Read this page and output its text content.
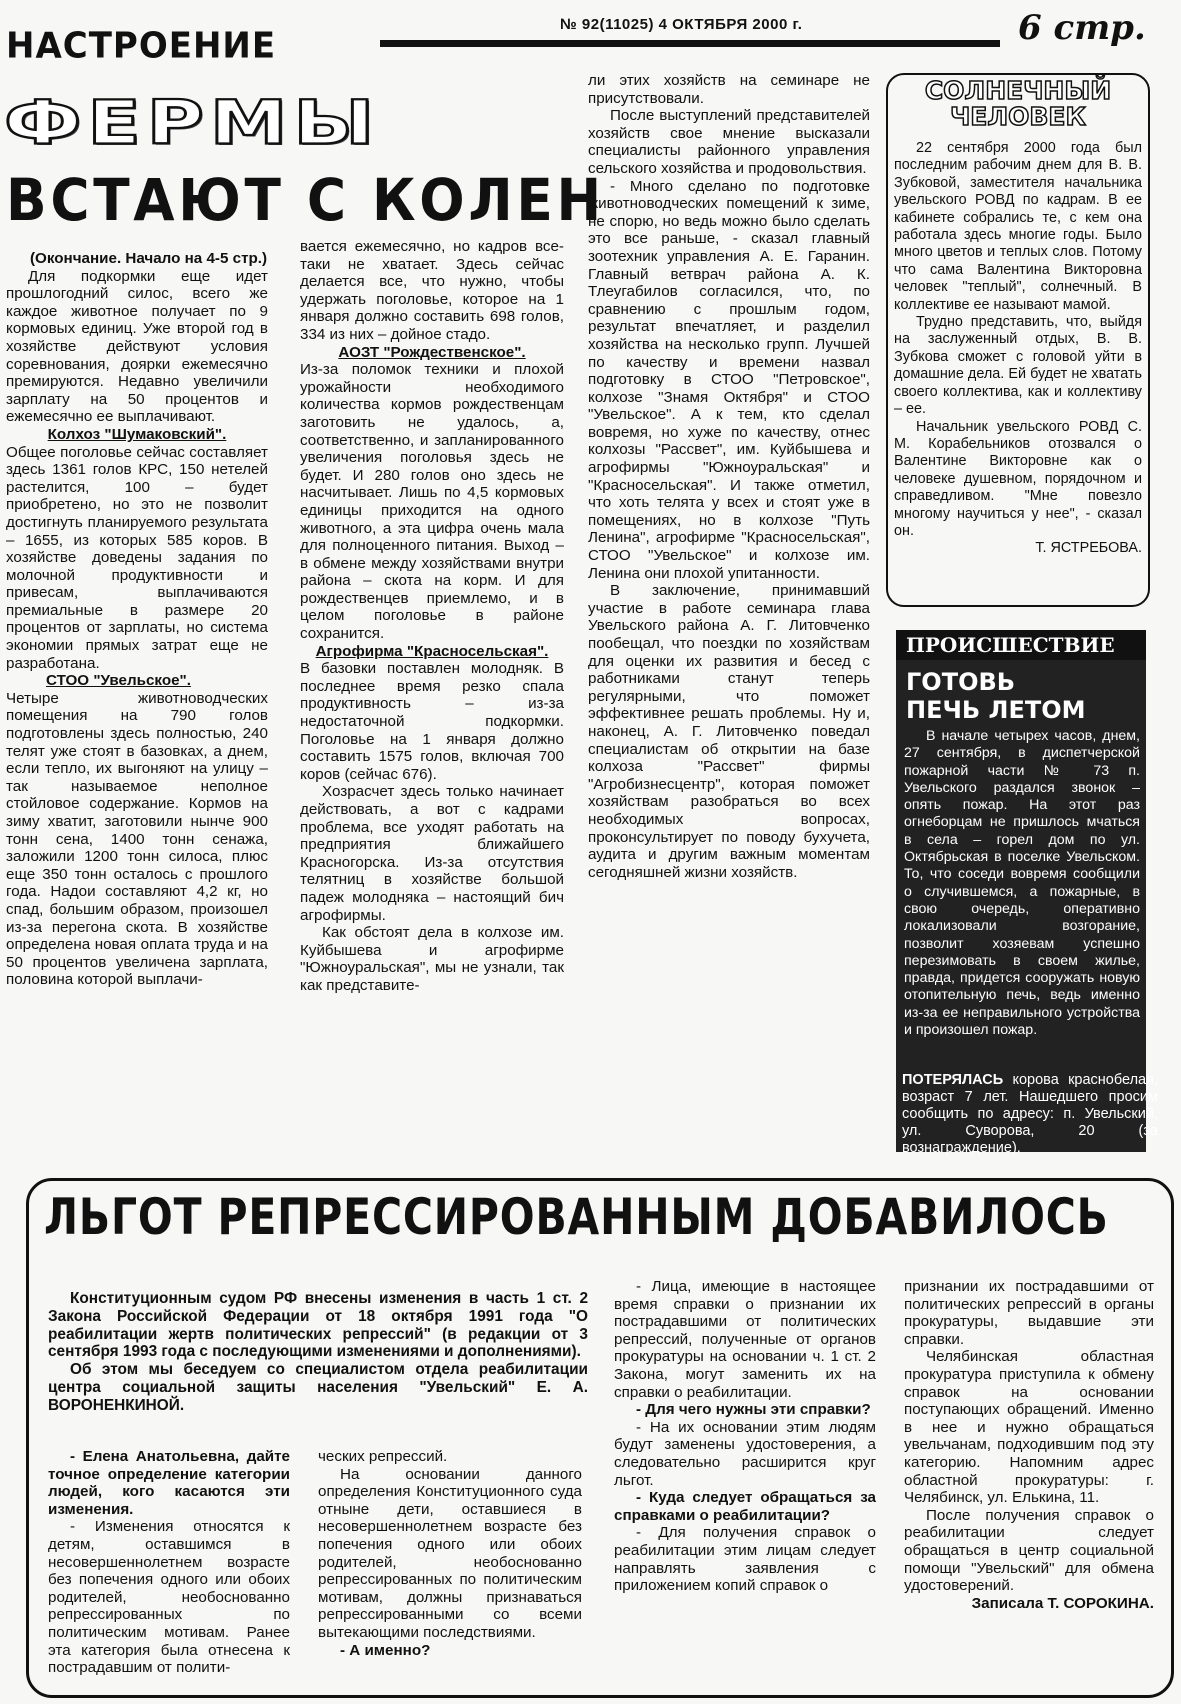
НАСТРОЕНИЕ
№ 92(11025) 4 ОКТЯБРЯ 2000 г.	6 стр.
ФЕРМЫ
ВСТАЮТ С КОЛЕН

(Окончание. Начало на 4-5 стр.)

Для подкормки еще идет прошлогодний силос, всего же каждое животное получает по 9 кормовых единиц. Уже второй год в хозяйстве действуют условия соревнования, доярки ежемесячно премируются. Недавно увеличили зарплату на 50 процентов и ежемесячно ее выплачивают.

Колхоз "Шумаковский".

Общее поголовье сейчас составляет здесь 1361 голов КРС, 150 нетелей растелится, 100 – будет приобретено, но это не позволит достигнуть планируемого результата – 1655, из которых 585 коров. В хозяйстве доведены задания по молочной продуктивности и привесам, выплачиваются премиальные в размере 20 процентов от зарплаты, но система экономии прямых затрат еще не разработана.

СТОО "Увельское".

Четыре животноводческих помещения на 790 голов подготовлены здесь полностью, 240 телят уже стоят в базовках, а днем, если тепло, их выгоняют на улицу – так называемое неполное стойловое содержание. Кормов на зиму хватит, заготовили нынче 900 тонн сена, 1400 тонн сенажа, заложили 1200 тонн силоса, плюс еще 350 тонн осталось с прошлого года. Надои составляют 4,2 кг, но спад, большим образом, произошел из-за перегона скота. В хозяйстве определена новая оплата труда и на 50 процентов увеличена зарплата, половина которой выплачи-

вается ежемесячно, но кадров все-таки не хватает. Здесь сейчас делается все, что нужно, чтобы удержать поголовье, которое на 1 января должно составить 698 голов, 334 из них – дойное стадо.

АОЗТ "Рождественское".

Из-за поломок техники и плохой урожайности необходимого количества кормов рождественцам заготовить не удалось, а, соответственно, и запланированного увеличения поголовья здесь не будет. И 280 голов оно здесь не насчитывает. Лишь по 4,5 кормовых единицы приходится на одного животного, а эта цифра очень мала для полноценного питания. Выход – в обмене между хозяйствами внутри района – скота на корм. И для рождественцев приемлемо, и в целом поголовье в районе сохранится.

Агрофирма "Красносельская".

В базовки поставлен молодняк. В последнее время резко спала продуктивность – из-за недостаточной подкормки. Поголовье на 1 января должно составить 1575 голов, включая 700 коров (сейчас 676).

Хозрасчет здесь только начинает действовать, а вот с кадрами проблема, все уходят работать на предприятия ближайшего Красногорска. Из-за отсутствия телятниц в хозяйстве большой падеж молодняка – настоящий бич агрофирмы.

Как обстоят дела в колхозе им. Куйбышева и агрофирме "Южноуральская", мы не узнали, так как представите-

ли этих хозяйств на семинаре не присутствовали.

После выступлений представителей хозяйств свое мнение высказали специалисты районного управления сельского хозяйства и продовольствия.

- Много сделано по подготовке животноводческих помещений к зиме, не спорю, но ведь можно было сделать это все раньше, - сказал главный зоотехник управления А. Е. Гаранин. Главный ветврач района А. К. Тлеугабилов согласился, что, по сравнению с прошлым годом, результат впечатляет, и разделил хозяйства на несколько групп. Лучшей по качеству и времени назвал подготовку в СТОО "Петровское", колхозе "Знамя Октября" и СТОО "Увельское". А к тем, кто сделал вовремя, но хуже по качеству, отнес колхозы "Рассвет", им. Куйбышева и агрофирмы "Южноуральская" и "Красносельская". И также отметил, что хоть телята у всех и стоят уже в помещениях, но в колхозе "Путь Ленина", агрофирме "Красносельская", СТОО "Увельское" и колхозе им. Ленина они плохой упитанности.

В заключение, принимавший участие в работе семинара глава Увельского района А. Г. Литовченко пообещал, что поездки по хозяйствам для оценки их развития и бесед с работниками станут теперь регулярными, что поможет эффективнее решать проблемы. Ну и, наконец, А. Г. Литовченко поведал специалистам об открытии на базе колхоза "Рассвет" фирмы "Агробизнесцентр", которая поможет хозяйствам разобраться во всех необходимых вопросах, проконсультирует по поводу бухучета, аудита и другим важным моментам сегодняшней жизни хозяйств.

СОЛНЕЧНЫЙ
ЧЕЛОВЕК

22 сентября 2000 года был последним рабочим днем для В. В. Зубковой, заместителя начальника увельского РОВД по кадрам. В ее кабинете собрались те, с кем она работала здесь многие годы. Было много цветов и теплых слов. Потому что сама Валентина Викторовна человек "теплый", солнечный. В коллективе ее называют мамой.

Трудно представить, что, выйдя на заслуженный отдых, В. В. Зубкова сможет с головой уйти в домашние дела. Ей будет не хватать своего коллектива, как и коллективу – ее.

Начальник увельского РОВД С. М. Корабельников отозвался о Валентине Викторовне как о человеке душевном, порядочном и справедливом. "Мне повезло многому научиться у нее", - сказал он.

Т. ЯСТРЕБОВА.

ПРОИСШЕСТВИЕ
ГОТОВЬ
ПЕЧЬ ЛЕТОМ

В начале четырех часов, днем, 27 сентября, в диспетчерской пожарной части № 73 п. Увельского раздался звонок – опять пожар. На этот раз огнеборцам не пришлось мчаться в села – горел дом по ул. Октябрьская в поселке Увельском. То, что соседи вовремя сообщили о случившемся, а пожарные, в свою очередь, оперативно локализовали возгорание, позволит хозяевам успешно перезимовать в своем жилье, правда, придется сооружать новую отопительную печь, ведь именно из-за ее неправильного устройства и произошел пожар.

ПОТЕРЯЛАСЬ корова краснобелая, возраст 7 лет. Нашедшего просим сообщить по адресу: п. Увельский, ул. Суворова, 20 (за вознаграждение).
ЛЬГОТ РЕПРЕССИРОВАННЫМ ДОБАВИЛОСЬ

Конституционным судом РФ внесены изменения в часть 1 ст. 2 Закона Российской Федерации от 18 октября 1991 года "О реабилитации жертв политических репрессий" (в редакции от 3 сентября 1993 года с последующими изменениями и дополнениями).

Об этом мы беседуем со специалистом отдела реабилитации центра социальной защиты населения "Увельский" Е. А. ВОРОНЕНКИНОЙ.

- Елена Анатольевна, дайте точное определение категории людей, кого касаются эти изменения.

- Изменения относятся к детям, оставшимся в несовершеннолетнем возрасте без попечения одного или обоих родителей, необоснованно репрессированных по политическим мотивам. Ранее эта категория была отнесена к пострадавшим от полити-

ческих репрессий.

На основании данного определения Конституционного суда отныне дети, оставшиеся в несовершеннолетнем возрасте без попечения одного или обоих родителей, необоснованно репрессированных по политическим мотивам, должны признаваться репрессированными со всеми вытекающими последствиями.

- А именно?

- Лица, имеющие в настоящее время справки о признании их пострадавшими от политических репрессий, полученные от органов прокуратуры на основании ч. 1 ст. 2 Закона, могут заменить их на справки о реабилитации.

- Для чего нужны эти справки?

- На их основании этим людям будут заменены удостоверения, а следовательно расширится круг льгот.

- Куда следует обращаться за справками о реабилитации?

- Для получения справок о реабилитации этим лицам следует направлять заявления с приложением копий справок о

признании их пострадавшими от политических репрессий в органы прокуратуры, выдавшие эти справки.

Челябинская областная прокуратура приступила к обмену справок на основании поступающих обращений. Именно в нее и нужно обращаться увельчанам, подходившим под эту категорию. Напомним адрес областной прокуратуры: г. Челябинск, ул. Елькина, 11.

После получения справок о реабилитации следует обращаться в центр социальной помощи "Увельский" для обмена удостоверений.

Записала Т. СОРОКИНА.
